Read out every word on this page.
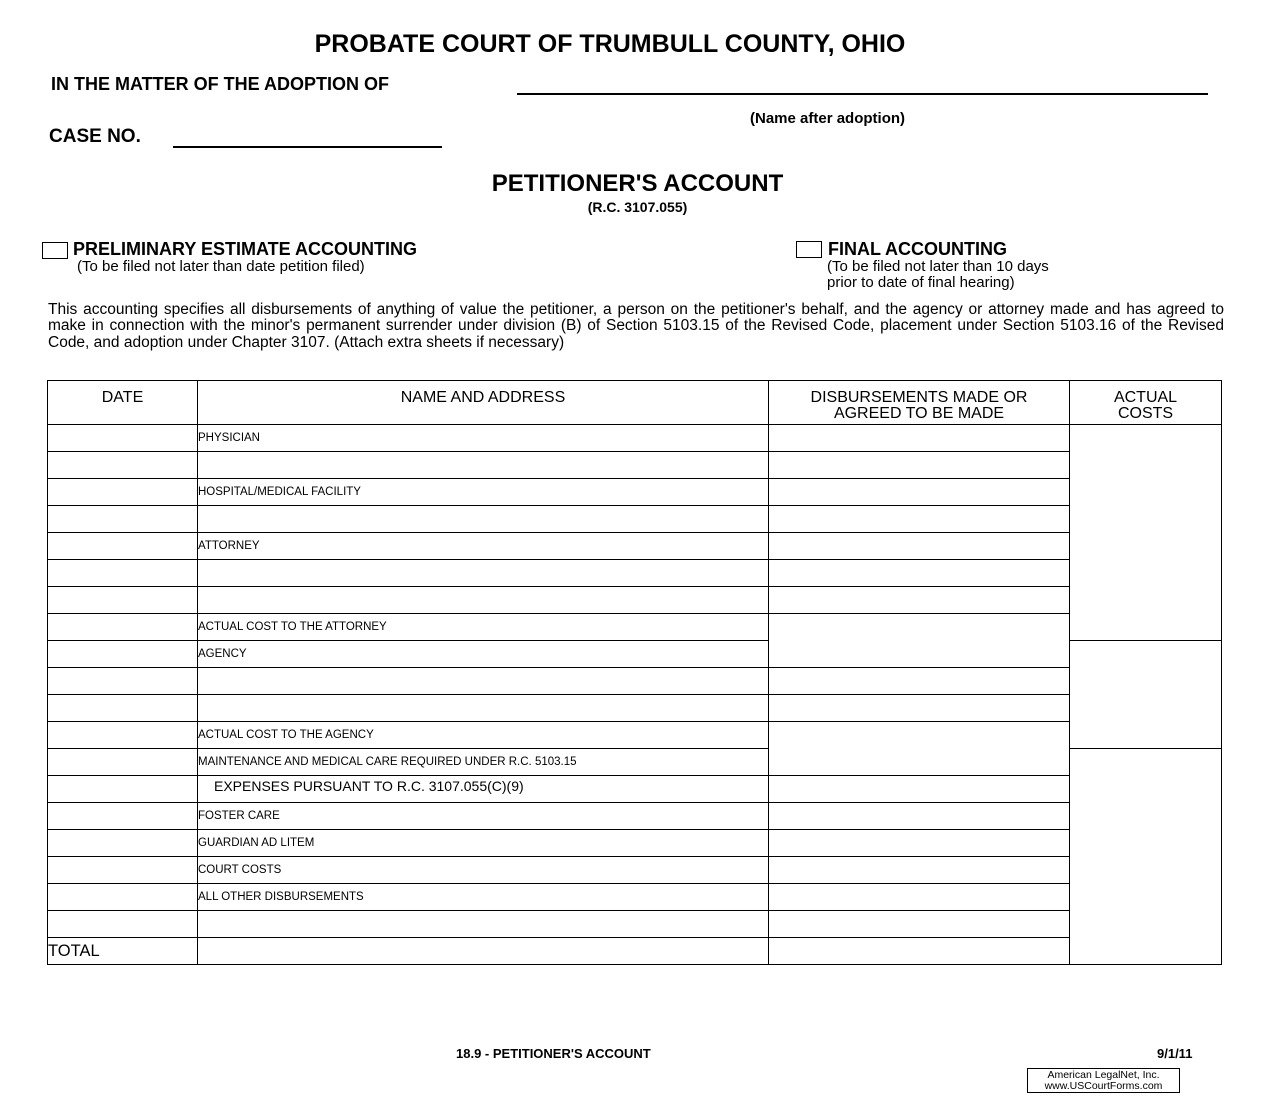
PROBATE COURT OF TRUMBULL COUNTY, OHIO
IN THE MATTER OF THE ADOPTION OF
(Name after adoption)
CASE NO.
PETITIONER'S ACCOUNT
(R.C. 3107.055)
PRELIMINARY ESTIMATE ACCOUNTING
(To be filed not later than date petition filed)
FINAL ACCOUNTING
(To be filed not later than 10 days
prior to date of final hearing)
This accounting specifies all disbursements of anything of value the petitioner, a person on the petitioner's behalf, and the agency or attorney made and has agreed to make in connection with the minor's permanent surrender under division (B) of Section 5103.15 of the Revised Code, placement under Section 5103.16 of the Revised Code, and adoption under Chapter 3107. (Attach extra sheets if necessary)
DATE	NAME AND ADDRESS	DISBURSEMENTS MADE OR AGREED TO BE MADE	ACTUAL COSTS
	PHYSICIAN		

	HOSPITAL/MEDICAL FACILITY		

	ATTORNEY		

	ACTUAL COST TO THE ATTORNEY		
	AGENCY		

	ACTUAL COST TO THE AGENCY		
	MAINTENANCE AND MEDICAL CARE REQUIRED UNDER R.C. 5103.15		
	EXPENSES PURSUANT TO R.C. 3107.055(C)(9)		
	FOSTER CARE		
	GUARDIAN AD LITEM		
	COURT COSTS		
	ALL OTHER DISBURSEMENTS		

TOTAL			
18.9 - PETITIONER'S ACCOUNT	9/1/11
American LegalNet, Inc.
www.USCourtForms.com
